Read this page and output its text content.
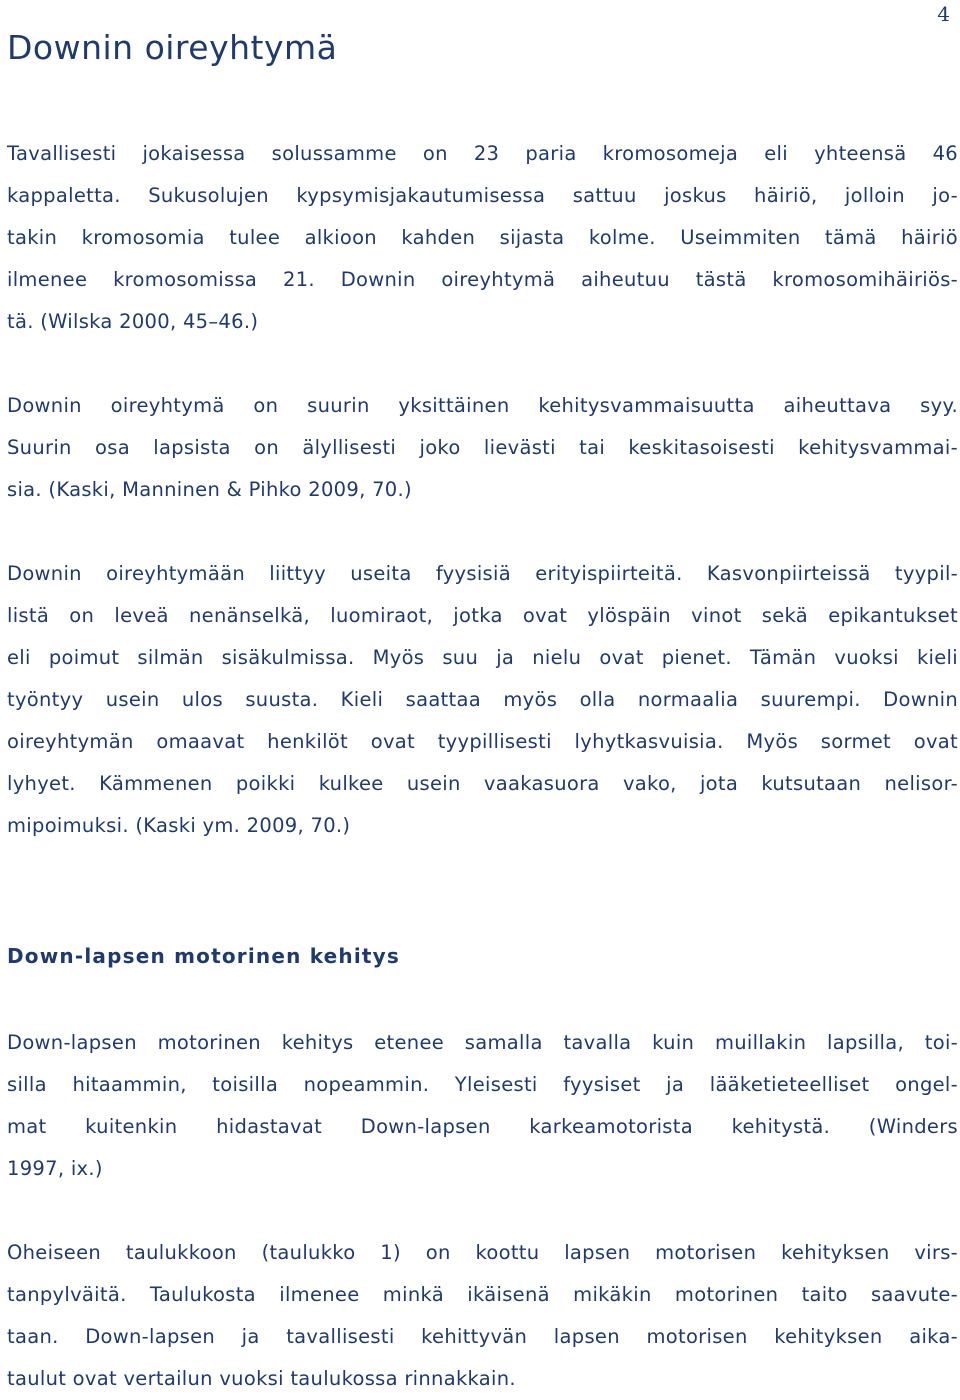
4
Downin oireyhtymä
Tavallisesti jokaisessa solussamme on 23 paria kromosomeja eli yhteensä 46
kappaletta. Sukusolujen kypsymisjakautumisessa sattuu joskus häiriö, jolloin jo-
takin kromosomia tulee alkioon kahden sijasta kolme. Useimmiten tämä häiriö
ilmenee kromosomissa 21. Downin oireyhtymä aiheutuu tästä kromosomihäiriös-
tä. (Wilska 2000, 45–46.)
Downin oireyhtymä on suurin yksittäinen kehitysvammaisuutta aiheuttava syy.
Suurin osa lapsista on älyllisesti joko lievästi tai keskitasoisesti kehitysvammai-
sia. (Kaski, Manninen & Pihko 2009, 70.)
Downin oireyhtymään liittyy useita fyysisiä erityispiirteitä. Kasvonpiirteissä tyypil-
listä on leveä nenänselkä, luomiraot, jotka ovat ylöspäin vinot sekä epikantukset
eli poimut silmän sisäkulmissa. Myös suu ja nielu ovat pienet. Tämän vuoksi kieli
työntyy usein ulos suusta. Kieli saattaa myös olla normaalia suurempi. Downin
oireyhtymän omaavat henkilöt ovat tyypillisesti lyhytkasvuisia. Myös sormet ovat
lyhyet. Kämmenen poikki kulkee usein vaakasuora vako, jota kutsutaan nelisor-
mipoimuksi. (Kaski ym. 2009, 70.)
Down-lapsen motorinen kehitys
Down-lapsen motorinen kehitys etenee samalla tavalla kuin muillakin lapsilla, toi-
silla hitaammin, toisilla nopeammin. Yleisesti fyysiset ja lääketieteelliset ongel-
mat kuitenkin hidastavat Down-lapsen karkeamotorista kehitystä. (Winders
1997, ix.)
Oheiseen taulukkoon (taulukko 1) on koottu lapsen motorisen kehityksen virs-
tanpylväitä. Taulukosta ilmenee minkä ikäisenä mikäkin motorinen taito saavute-
taan. Down-lapsen ja tavallisesti kehittyvän lapsen motorisen kehityksen aika-
taulut ovat vertailun vuoksi taulukossa rinnakkain.
